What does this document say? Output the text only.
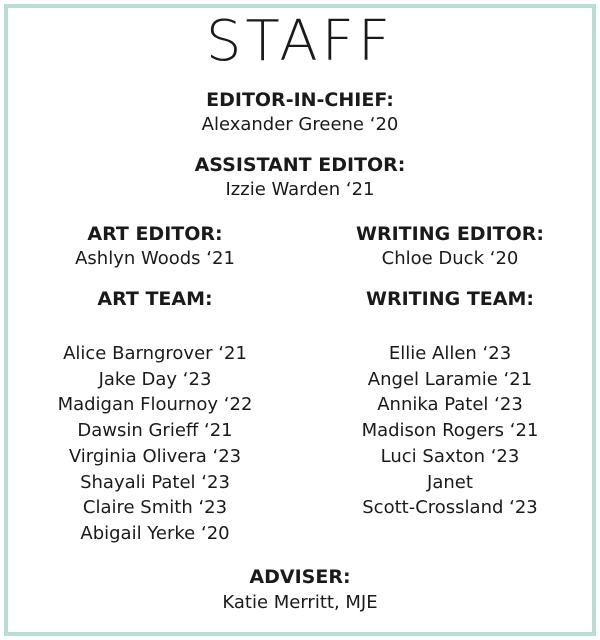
STAFF
EDITOR-IN-CHIEF:
Alexander Greene ‘20
ASSISTANT EDITOR:
Izzie Warden ‘21
ART EDITOR:
Ashlyn Woods ‘21
WRITING EDITOR:
Chloe Duck ‘20
ART TEAM:	WRITING TEAM:
Alice Barngrover ‘21
Jake Day ‘23
Madigan Flournoy ‘22
Dawsin Grieff ‘21
Virginia Olivera ‘23
Shayali Patel ‘23
Claire Smith ‘23
Abigail Yerke ‘20
Ellie Allen ‘23
Angel Laramie ‘21
Annika Patel ‘23
Madison Rogers ‘21
Luci Saxton ‘23
Janet
Scott-Crossland ‘23
ADVISER:
Katie Merritt, MJE
